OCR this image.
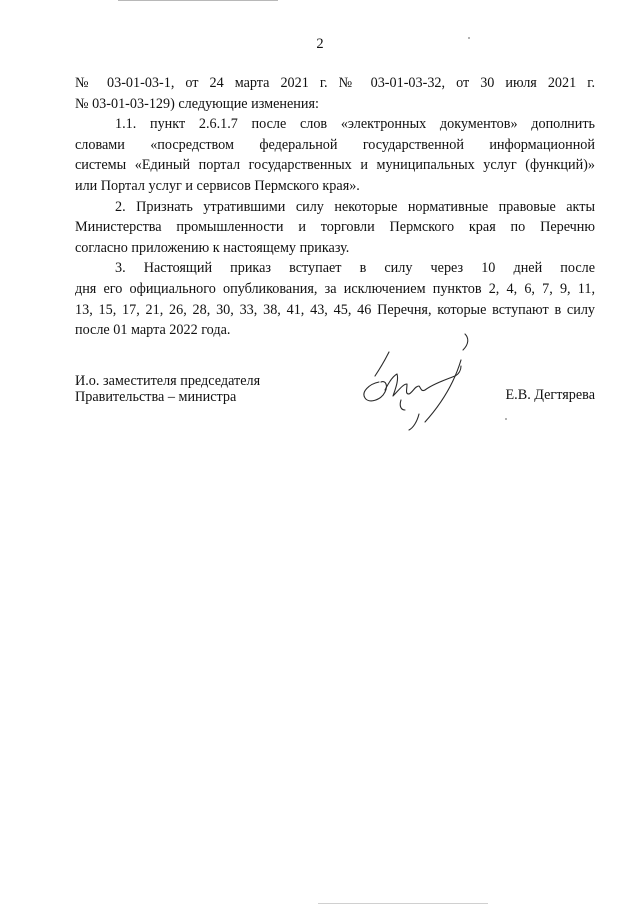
2
№ 03-01-03-1, от 24 марта 2021 г. № 03-01-03-32, от 30 июля 2021 г.
№ 03-01-03-129) следующие изменения:
1.1. пункт 2.6.1.7 после слов «электронных документов» дополнить
словами «посредством федеральной государственной информационной
системы «Единый портал государственных и муниципальных услуг (функций)»
или Портал услуг и сервисов Пермского края».
2. Признать утратившими силу некоторые нормативные правовые акты
Министерства промышленности и торговли Пермского края по Перечню
согласно приложению к настоящему приказу.
3. Настоящий приказ вступает в силу через 10 дней после
дня его официального опубликования, за исключением пунктов 2, 4, 6, 7, 9, 11,
13, 15, 17, 21, 26, 28, 30, 33, 38, 41, 43, 45, 46 Перечня, которые вступают в силу
после 01 марта 2022 года.
И.о. заместителя председателя
Правительства – министра	Е.В. Дегтярева
